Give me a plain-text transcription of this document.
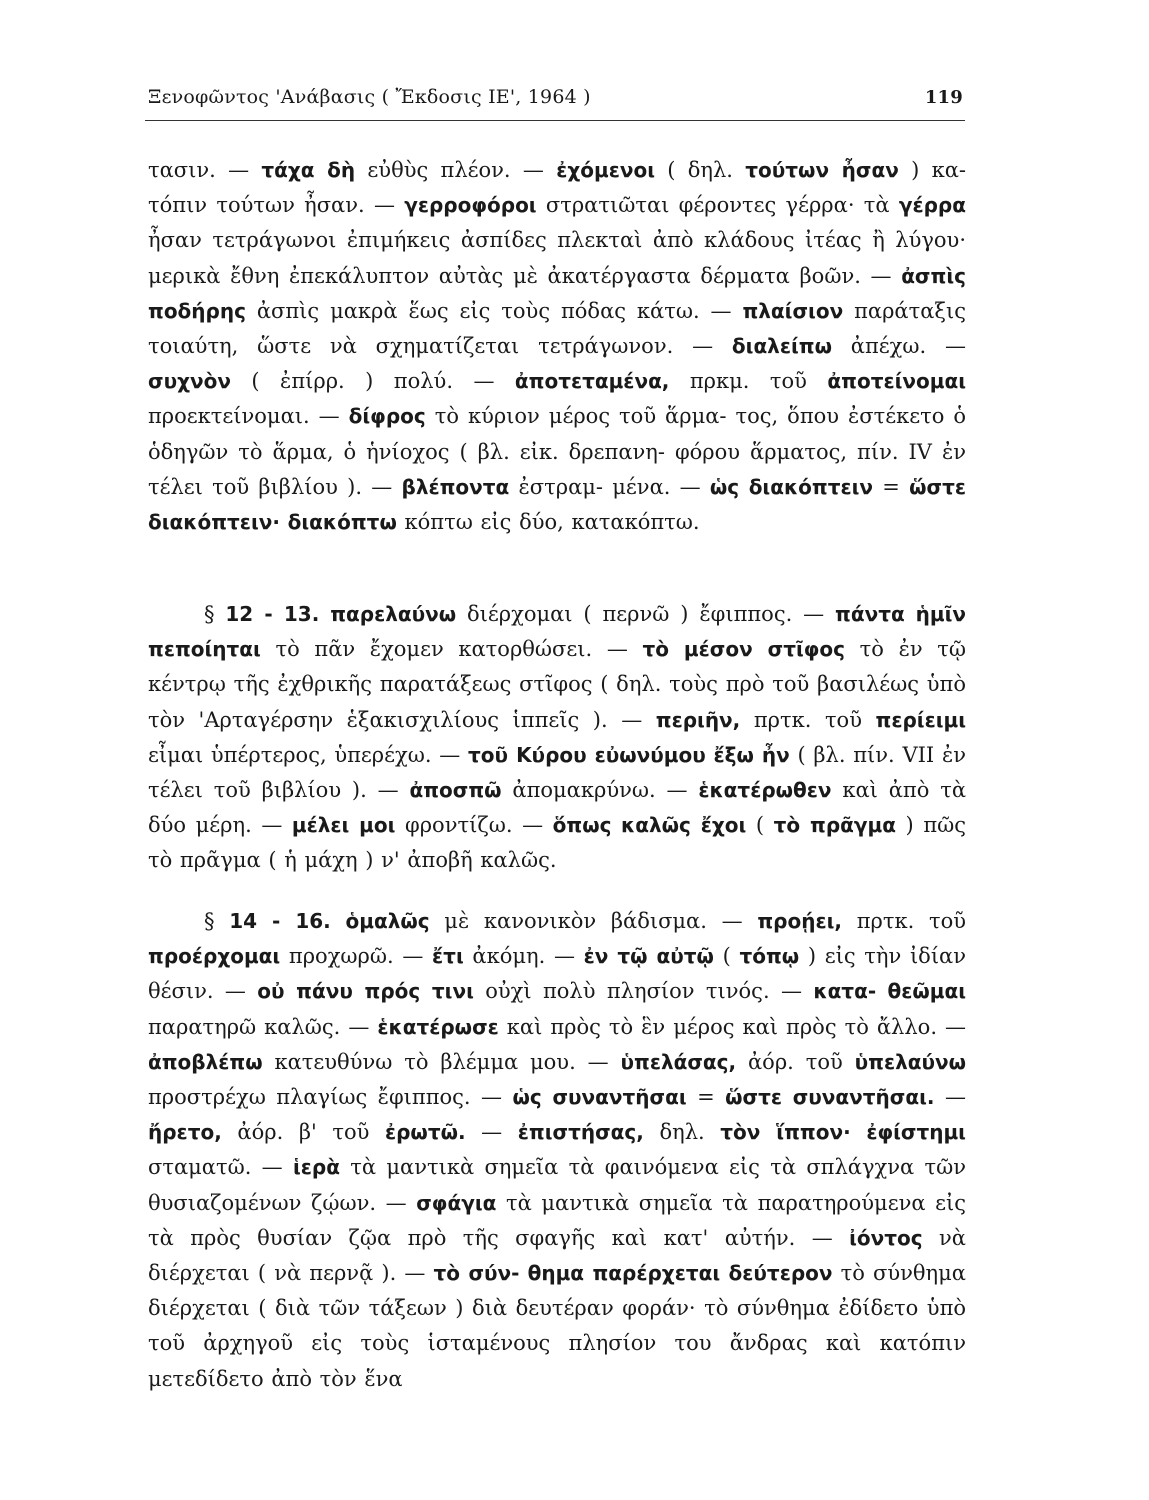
Ξενοφῶντος 'Ανάβασις ( Ἔκδοσις ΙΕ', 1964 )	119
τασιν. — τάχα δὴ εὐθὺς πλέον. — ἐχόμενοι ( δηλ. τούτων ἦσαν ) κα- τόπιν τούτων ἦσαν. — γερροφόροι στρατιῶται φέροντες γέρρα· τὰ γέρρα ἦσαν τετράγωνοι ἐπιμήκεις ἀσπίδες πλεκταὶ ἀπὸ κλάδους ἰτέας ἢ λύγου· μερικὰ ἔθνη ἐπεκάλυπτον αὐτὰς μὲ ἀκατέργαστα δέρματα βοῶν. — ἀσπὶς ποδήρης ἀσπὶς μακρὰ ἕως εἰς τοὺς πόδας κάτω. — πλαίσιον παράταξις τοιαύτη, ὥστε νὰ σχηματίζεται τετράγωνον. — διαλείπω ἀπέχω. — συχνὸν ( ἐπίρρ. ) πολύ. — ἀποτεταμένα, πρκμ. τοῦ ἀποτείνομαι προεκτείνομαι. — δίφρος τὸ κύριον μέρος τοῦ ἅρμα- τος, ὅπου ἐστέκετο ὁ ὁδηγῶν τὸ ἅρμα, ὁ ἡνίοχος ( βλ. εἰκ. δρεπανη- φόρου ἅρματος, πίν. IV ἐν τέλει τοῦ βιβλίου ). — βλέποντα ἐστραμ- μένα. — ὡς διακόπτειν = ὥστε διακόπτειν· διακόπτω κόπτω εἰς δύο, κατακόπτω.
§ 12 - 13. παρελαύνω διέρχομαι ( περνῶ ) ἔφιππος. — πάντα ἡμῖν πεποίηται τὸ πᾶν ἔχομεν κατορθώσει. — τὸ μέσον στῖφος τὸ ἐν τῷ κέντρῳ τῆς ἐχθρικῆς παρατάξεως στῖφος ( δηλ. τοὺς πρὸ τοῦ βασιλέως ὑπὸ τὸν 'Αρταγέρσην ἑξακισχιλίους ἱππεῖς ). — περιῆν, πρτκ. τοῦ περίειμι εἶμαι ὑπέρτερος, ὑπερέχω. — τοῦ Κύρου εὐωνύμου ἔξω ἦν ( βλ. πίν. VII ἐν τέλει τοῦ βιβλίου ). — ἀποσπῶ ἀπομακρύνω. — ἑκατέρωθεν καὶ ἀπὸ τὰ δύο μέρη. — μέλει μοι φροντίζω. — ὅπως καλῶς ἔχοι ( τὸ πρᾶγμα ) πῶς τὸ πρᾶγμα ( ἡ μάχη ) ν' ἀποβῆ καλῶς.
§ 14 - 16. ὁμαλῶς μὲ κανονικὸν βάδισμα. — προῄει, πρτκ. τοῦ προέρχομαι προχωρῶ. — ἔτι ἀκόμη. — ἐν τῷ αὐτῷ ( τόπῳ ) εἰς τὴν ἰδίαν θέσιν. — οὐ πάνυ πρός τινι οὐχὶ πολὺ πλησίον τινός. — κατα- θεῶμαι παρατηρῶ καλῶς. — ἑκατέρωσε καὶ πρὸς τὸ ἓν μέρος καὶ πρὸς τὸ ἄλλο. — ἀποβλέπω κατευθύνω τὸ βλέμμα μου. — ὑπελάσας, ἀόρ. τοῦ ὑπελαύνω προστρέχω πλαγίως ἔφιππος. — ὡς συναντῆσαι = ὥστε συναντῆσαι. — ἤρετο, ἀόρ. β' τοῦ ἐρωτῶ. — ἐπιστήσας, δηλ. τὸν ἵππον· ἐφίστημι σταματῶ. — ἱερὰ τὰ μαντικὰ σημεῖα τὰ φαινόμενα εἰς τὰ σπλάγχνα τῶν θυσιαζομένων ζῴων. — σφάγια τὰ μαντικὰ σημεῖα τὰ παρατηρούμενα εἰς τὰ πρὸς θυσίαν ζῷα πρὸ τῆς σφαγῆς καὶ κατ' αὐτήν. — ἰόντος νὰ διέρχεται ( νὰ περνᾷ ). — τὸ σύν- θημα παρέρχεται δεύτερον τὸ σύνθημα διέρχεται ( διὰ τῶν τάξεων ) διὰ δευτέραν φοράν· τὸ σύνθημα ἐδίδετο ὑπὸ τοῦ ἀρχηγοῦ εἰς τοὺς ἱσταμένους πλησίον του ἄνδρας καὶ κατόπιν μετεδίδετο ἀπὸ τὸν ἕνα
